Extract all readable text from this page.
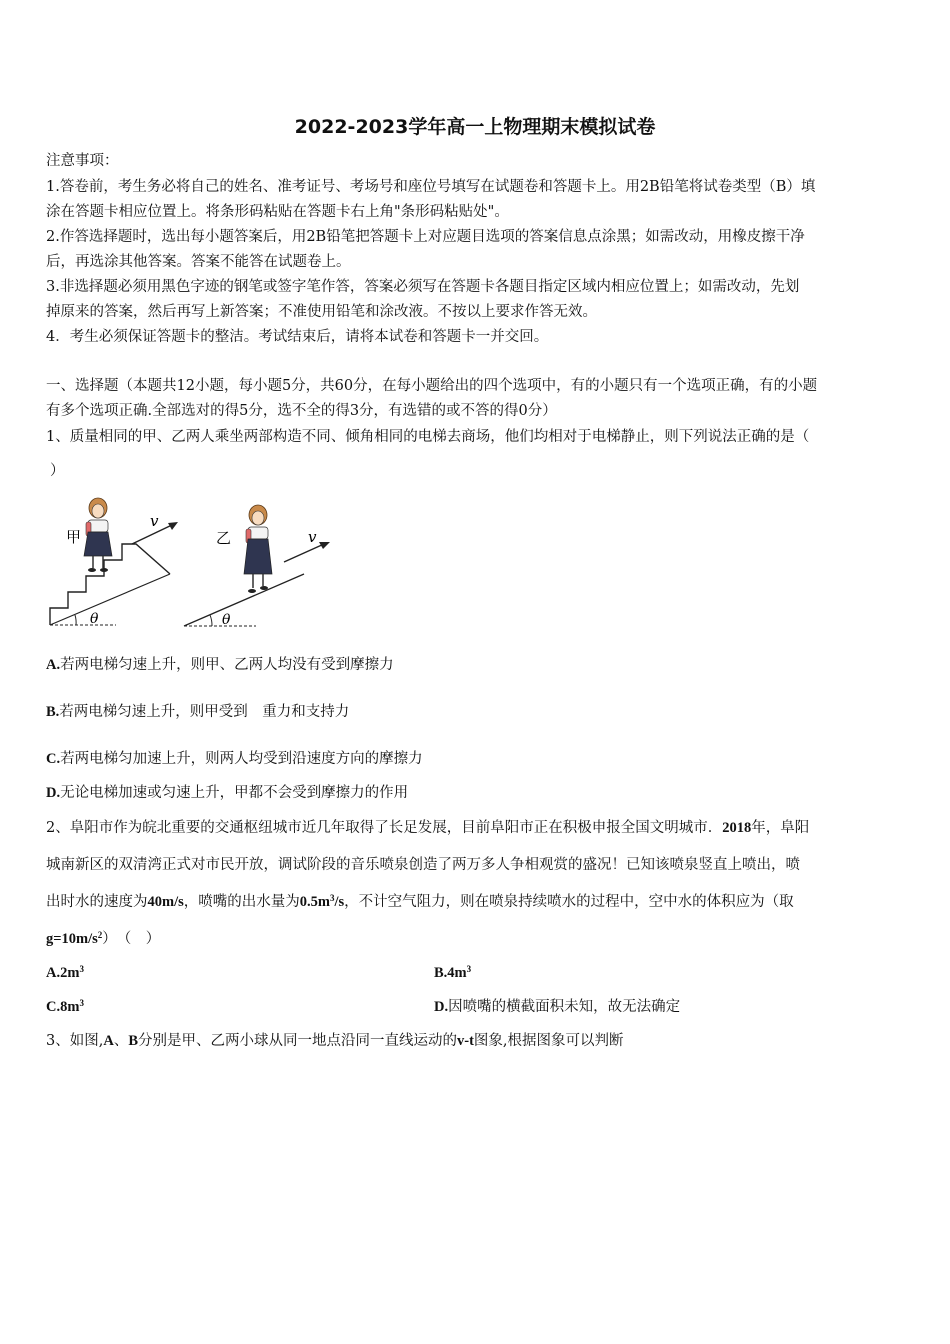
2022-2023学年高一上物理期末模拟试卷
注意事项：
1.答卷前，考生务必将自己的姓名、准考证号、考场号和座位号填写在试题卷和答题卡上。用2B铅笔将试卷类型（B）填
涂在答题卡相应位置上。将条形码粘贴在答题卡右上角"条形码粘贴处"。
2.作答选择题时，选出每小题答案后，用2B铅笔把答题卡上对应题目选项的答案信息点涂黑；如需改动，用橡皮擦干净
后，再选涂其他答案。答案不能答在试题卷上。
3.非选择题必须用黑色字迹的钢笔或签字笔作答，答案必须写在答题卡各题目指定区域内相应位置上；如需改动，先划
掉原来的答案，然后再写上新答案；不准使用铅笔和涂改液。不按以上要求作答无效。
4．考生必须保证答题卡的整洁。考试结束后，请将本试卷和答题卡一并交回。
一、选择题（本题共12小题，每小题5分，共60分，在每小题给出的四个选项中，有的小题只有一个选项正确，有的小题
有多个选项正确.全部选对的得5分，选不全的得3分，有选错的或不答的得0分）
1、质量相同的甲、乙两人乘坐两部构造不同、倾角相同的电梯去商场，他们均相对于电梯静止，则下列说法正确的是（
）
甲
v
θ
乙	v
θ
A.若两电梯匀速上升，则甲、乙两人均没有受到摩擦力
B.若两电梯匀速上升，则甲受到　重力和支持力
C.若两电梯匀加速上升，则两人均受到沿速度方向的摩擦力
D.无论电梯加速或匀速上升，甲都不会受到摩擦力的作用
2、阜阳市作为皖北重要的交通枢纽城市近几年取得了长足发展，目前阜阳市正在积极申报全国文明城市．2018年，阜阳
城南新区的双清湾正式对市民开放，调试阶段的音乐喷泉创造了两万多人争相观赏的盛况！已知该喷泉竖直上喷出，喷
出时水的速度为40m/s，喷嘴的出水量为$0.5m^3/s$，不计空气阻力，则在喷泉持续喷水的过程中，空中水的体积应为（取
$g=10m/s^2$）　（　）
$A.2m^3$	$B.4m^3$
$C.8m^3$	D.因喷嘴的横截面积未知，故无法确定
3、如图,A、B分别是甲、乙两小球从同一地点沿同一直线运动的v-t图象,根据图象可以判断
